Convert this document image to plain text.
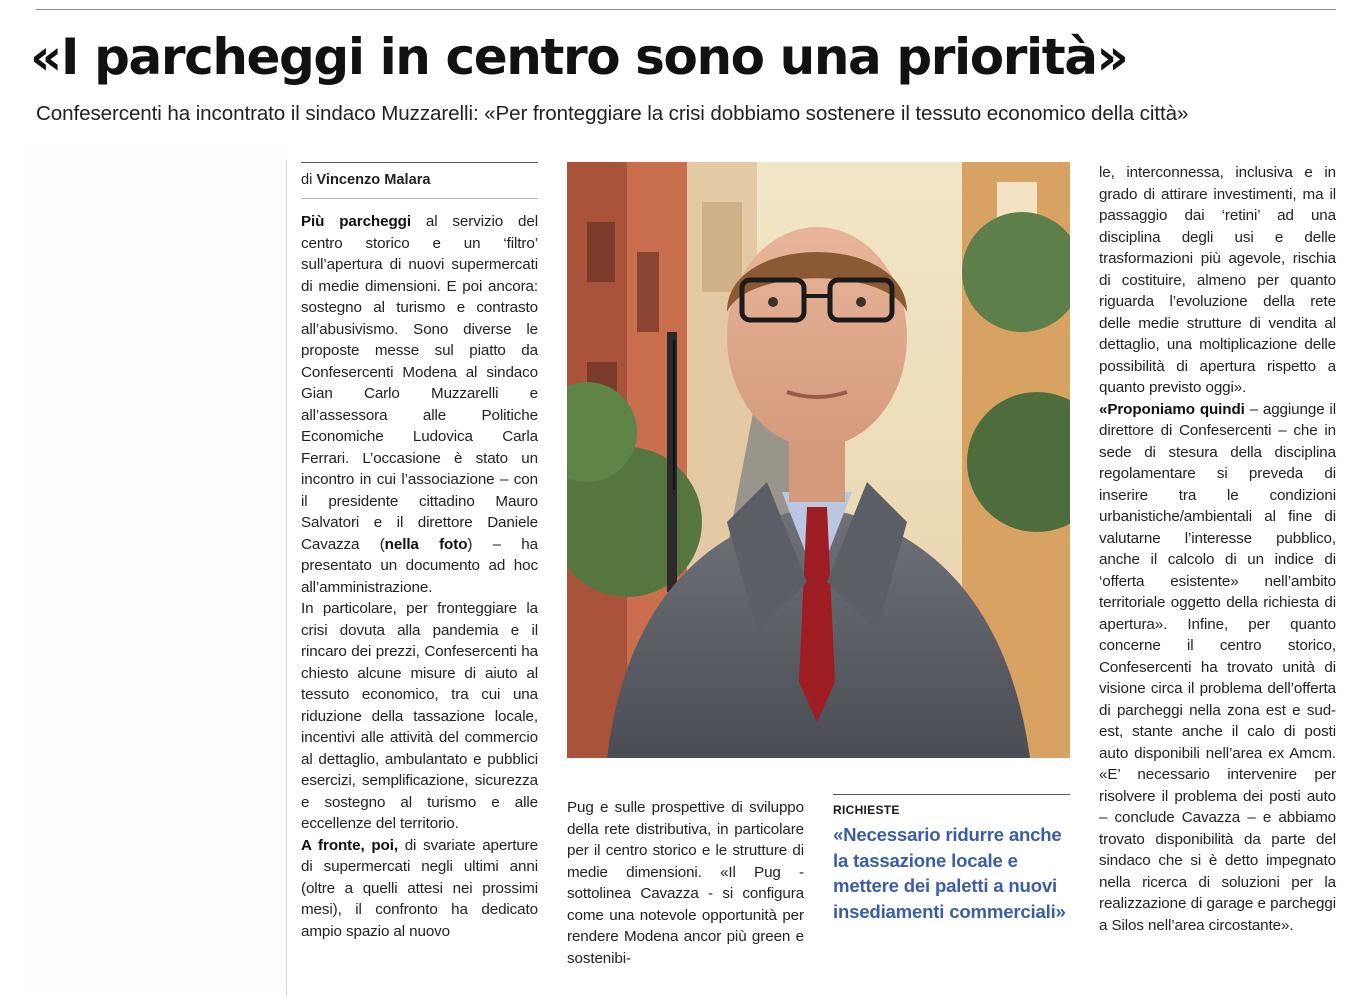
«I parcheggi in centro sono una priorità»

Confesercenti ha incontrato il sindaco Muzzarelli: «Per fronteggiare la crisi dobbiamo sostenere il tessuto economico della città»

di Vincenzo Malara

Più parcheggi al servizio del centro storico e un ‘filtro’ sull’apertura di nuovi supermercati di medie dimensioni. E poi ancora: sostegno al turismo e contrasto all’abusivismo. Sono diverse le proposte messe sul piatto da Confesercenti Modena al sindaco Gian Carlo Muzzarelli e all’assessora alle Politiche Economiche Ludovica Carla Ferrari. L’occasione è stato un incontro in cui l’associazione – con il presidente cittadino Mauro Salvatori e il direttore Daniele Cavazza (nella foto) – ha presentato un documento ad hoc all’amministrazione.

In particolare, per fronteggiare la crisi dovuta alla pandemia e il rincaro dei prezzi, Confesercenti ha chiesto alcune misure di aiuto al tessuto economico, tra cui una riduzione della tassazione locale, incentivi alle attività del commercio al dettaglio, ambulantato e pubblici esercizi, semplificazione, sicurezza e sostegno al turismo e alle eccellenze del territorio.

A fronte, poi, di svariate aperture di supermercati negli ultimi anni (oltre a quelli attesi nei prossimi mesi), il confronto ha dedicato ampio spazio al nuovo

Pug e sulle prospettive di sviluppo della rete distributiva, in particolare per il centro storico e le strutture di medie dimensioni. «Il Pug - sottolinea Cavazza - si configura come una notevole opportunità per rendere Modena ancor più green e sostenibi-

RICHIESTE

«Necessario ridurre anche la tassazione locale e mettere dei paletti a nuovi insediamenti commerciali»

le, interconnessa, inclusiva e in grado di attirare investimenti, ma il passaggio dai ‘retini’ ad una disciplina degli usi e delle trasformazioni più agevole, rischia di costituire, almeno per quanto riguarda l’evoluzione della rete delle medie strutture di vendita al dettaglio, una moltiplicazione delle possibilità di apertura rispetto a quanto previsto oggi».

«Proponiamo quindi – aggiunge il direttore di Confesercenti – che in sede di stesura della disciplina regolamentare si preveda di inserire tra le condizioni urbanistiche/ambientali al fine di valutarne l’interesse pubblico, anche il calcolo di un indice di ‘offerta esistente» nell’ambito territoriale oggetto della richiesta di apertura». Infine, per quanto concerne il centro storico, Confesercenti ha trovato unità di visione circa il problema dell’offerta di parcheggi nella zona est e sud-est, stante anche il calo di posti auto disponibili nell’area ex Amcm. «E’ necessario intervenire per risolvere il problema dei posti auto – conclude Cavazza – e abbiamo trovato disponibilità da parte del sindaco che si è detto impegnato nella ricerca di soluzioni per la realizzazione di garage e parcheggi a Silos nell’area circostante».
